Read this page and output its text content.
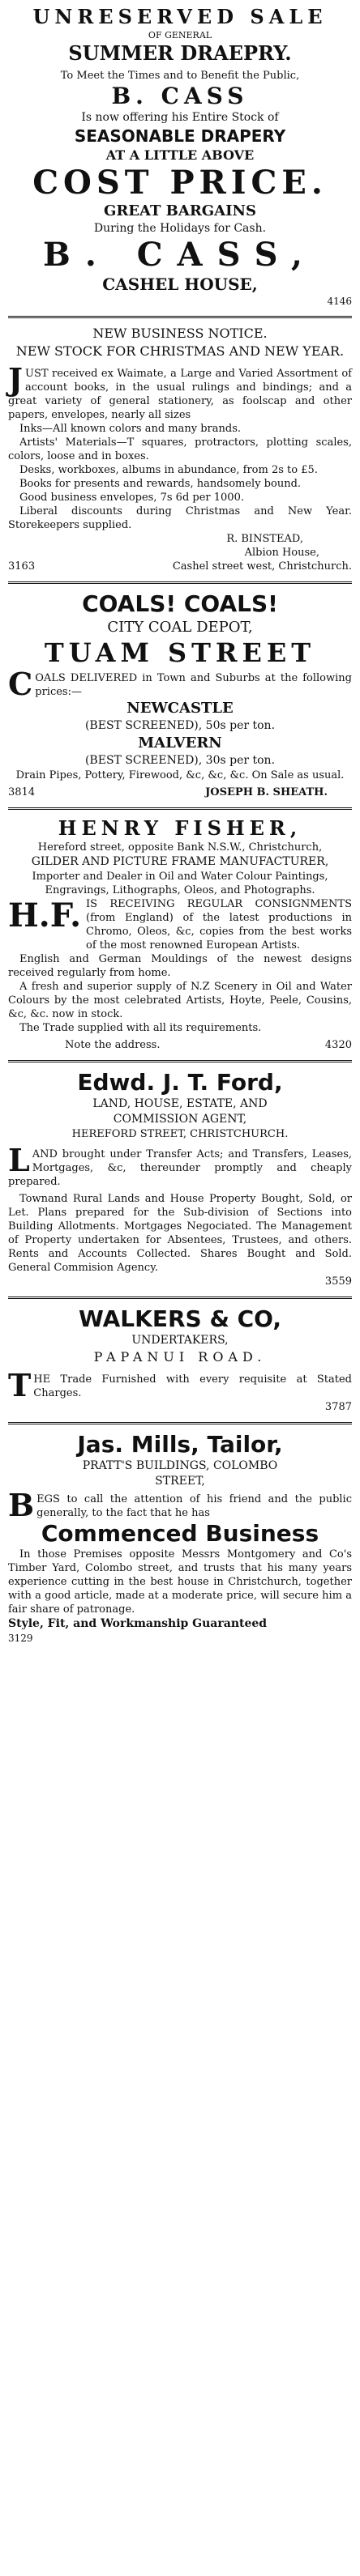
UNRESERVED SALE
OF GENERAL
SUMMER DRAEPRY.
To Meet the Times and to Benefit the Public,
B. CASS
Is now offering his Entire Stock of
SEASONABLE DRAPERY
AT A LITTLE ABOVE
COST PRICE.
GREAT BARGAINS
During the Holidays for Cash.
B. CASS,
CASHEL HOUSE,
4146
NEW BUSINESS NOTICE.
NEW STOCK FOR CHRISTMAS AND NEW YEAR.

JUST received ex Waimate, a Large and Varied Assortment of account books, in the usual rulings and bindings; and a great variety of general stationery, as foolscap and other papers, envelopes, nearly all sizes

Inks—All known colors and many brands.

Artists' Materials—T squares, protractors, plotting scales, colors, loose and in boxes.

Desks, workboxes, albums in abundance, from 2s to £5.

Books for presents and rewards, handsomely bound.

Good business envelopes, 7s 6d per 1000.

Liberal discounts during Christmas and New Year. Storekeepers supplied.

R. BINSTEAD,
Albion House,
3163	Cashel street west, Christchurch.
COALS! COALS!
CITY COAL DEPOT,
TUAM STREET

COALS DELIVERED in Town and Suburbs at the following prices:—

NEWCASTLE
(BEST SCREENED), 50s per ton.
MALVERN
(BEST SCREENED), 30s per ton.

Drain Pipes, Pottery, Firewood, &c, &c, &c. On Sale as usual.

3814	JOSEPH B. SHEATH.
HENRY FISHER,
Hereford street, opposite Bank N.S.W., Christchurch,
GILDER AND PICTURE FRAME MANUFACTURER,

Importer and Dealer in Oil and Water Colour Paintings,

Engravings, Lithographs, Oleos, and Photographs.

H.F. IS RECEIVING REGULAR CONSIGNMENTS (from England) of the latest productions in Chromo, Oleos, &c, copies from the best works of the most renowned European Artists.

English and German Mouldings of the newest designs received regularly from home.

A fresh and superior supply of N.Z Scenery in Oil and Water Colours by the most celebrated Artists, Hoyte, Peele, Cousins, &c, &c. now in stock.

The Trade supplied with all its requirements.

Note the address.	4320
Edwd. J. T. Ford,
LAND, HOUSE, ESTATE, AND
COMMISSION AGENT,
HEREFORD STREET, CHRISTCHURCH.

LAND brought under Transfer Acts; and Transfers, Leases, Mortgages, &c, thereunder promptly and cheaply prepared.

Townand Rural Lands and House Property Bought, Sold, or Let. Plans prepared for the Sub-division of Sections into Building Allotments. Mortgages Negociated. The Management of Property undertaken for Absentees, Trustees, and others. Rents and Accounts Collected. Shares Bought and Sold. General Commision Agency.

3559
WALKERS & CO,
UNDERTAKERS,
PAPANUI ROAD.

THE Trade Furnished with every requisite at Stated Charges.

3787
Jas. Mills, Tailor,
PRATT'S BUILDINGS, COLOMBO
STREET,

BEGS to call the attention of his friend and the public generally, to the fact that he has

Commenced Business

In those Premises opposite Messrs Montgomery and Co's Timber Yard, Colombo street, and trusts that his many years experience cutting in the best house in Christchurch, together with a good article, made at a moderate price, will secure him a fair share of patronage.

Style, Fit, and Workmanship Guaranteed
3129
